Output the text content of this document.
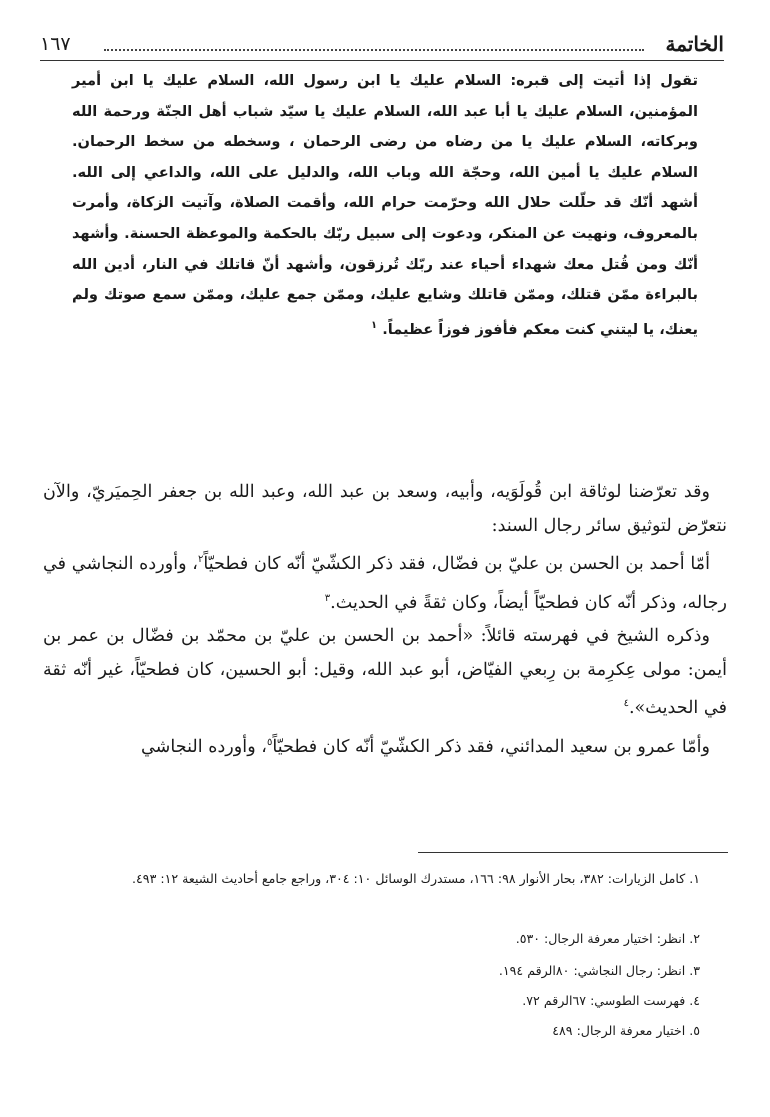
الخاتمة
١٦٧

تقول إذا أتيت إلى قبره: السلام عليك يا ابن رسول الله، السلام عليك يا ابن أمير المؤمنين، السلام عليك يا أبا عبد الله، السلام عليك يا سيّد شباب أهل الجنّة ورحمة الله وبركاته، السلام عليك يا من رضاه من رضى الرحمان ، وسخطه من سخط الرحمان. السلام عليك يا أمين الله، وحجّة الله وباب الله، والدليل على الله، والداعي إلى الله. أشهد أنّك قد حلّلت حلال الله وحرّمت حرام الله، وأقمت الصلاة، وآتيت الزكاة، وأمرت بالمعروف، ونهيت عن المنكر، ودعوت إلى سبيل ربّك بالحكمة والموعظة الحسنة. وأشهد أنّك ومن قُتل معك شهداء أحياء عند ربّك تُرزقون، وأشهد أنّ قاتلك في النار، أدين الله بالبراءة ممّن قتلك، وممّن قاتلك وشايع عليك، وممّن جمع عليك، وممّن سمع صوتك ولم يعنك، يا ليتني كنت معكم فأفوز فوزاً عظيماً. $^١$

وقد تعرّضنا لوثاقة ابن قُولَوَيه، وأبيه، وسعد بن عبد الله، وعبد الله بن جعفر الحِميَريّ، والآن نتعرّض لتوثيق سائر رجال السند:

أمّا أحمد بن الحسن بن عليّ بن فضّال، فقد ذكر الكشّيّ أنّه كان فطحيّاً$^٢$، وأورده النجاشي في رجاله، وذكر أنّه كان فطحيّاً أيضاً، وكان ثقةً في الحديث.$^٣$

وذكره الشيخ في فهرسته قائلاً: «أحمد بن الحسن بن عليّ بن محمّد بن فضّال بن عمر بن أيمن: مولى عِكرِمة بن رِبعي الفيّاض، أبو عبد الله، وقيل: أبو الحسين، كان فطحيّاً، غير أنّه ثقة في الحديث».$^٤$

وأمّا عمرو بن سعيد المدائني، فقد ذكر الكشّيّ أنّه كان فطحيّاً$^٥$، وأورده النجاشي

١. كامل الزيارات: ٣٨٢، بحار الأنوار ٩٨: ١٦٦، مستدرك الوسائل ١٠: ٣٠٤، وراجع جامع أحاديث الشيعة ١٢: ٤٩٣.
٢. انظر: اختيار معرفة الرجال: ٥٣٠.
٣. انظر: رجال النجاشي: ٨٠الرقم ١٩٤.
٤. فهرست الطوسي: ٦٧الرقم ٧٢.
٥. اختيار معرفة الرجال: ٤٨٩
